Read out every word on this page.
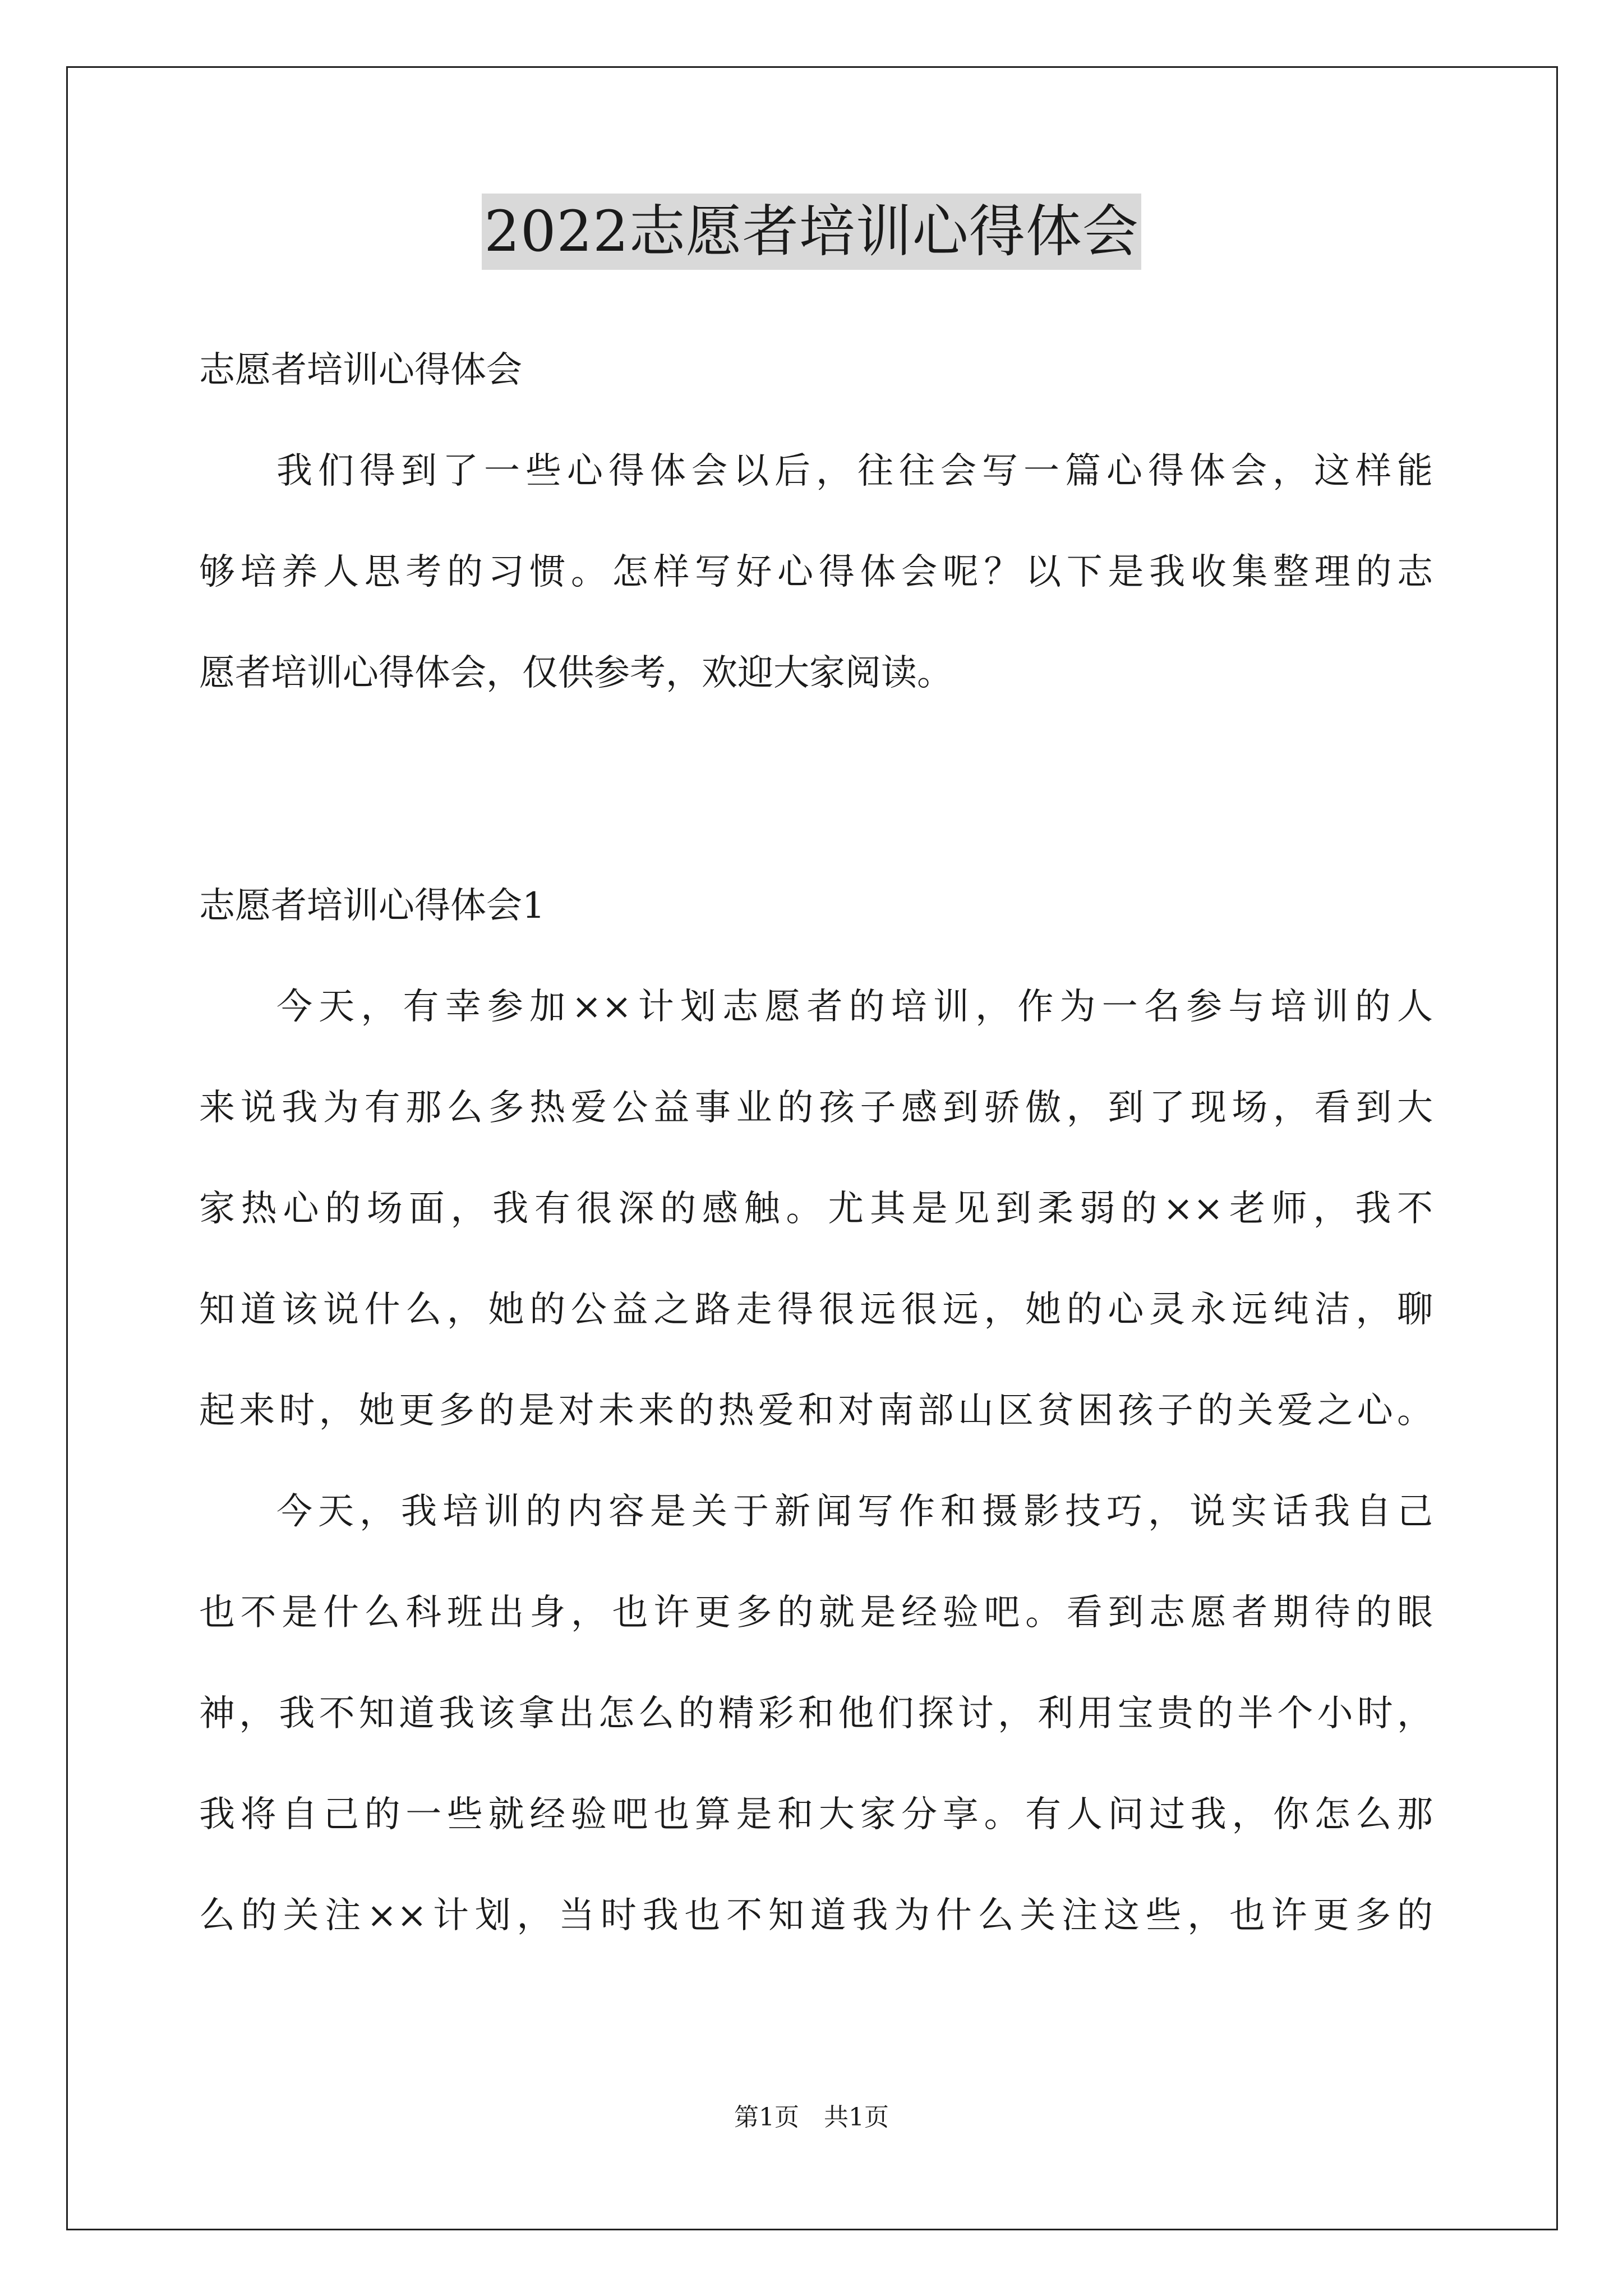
2022志愿者培训心得体会
志愿者培训心得体会
我们得到了一些心得体会以后，往往会写一篇心得体会，这样能
够培养人思考的习惯。怎样写好心得体会呢？以下是我收集整理的志
愿者培训心得体会，仅供参考，欢迎大家阅读。
志愿者培训心得体会1
今天，有幸参加××计划志愿者的培训，作为一名参与培训的人
来说我为有那么多热爱公益事业的孩子感到骄傲，到了现场，看到大
家热心的场面，我有很深的感触。尤其是见到柔弱的××老师，我不
知道该说什么，她的公益之路走得很远很远，她的心灵永远纯洁，聊
起来时，她更多的是对未来的热爱和对南部山区贫困孩子的关爱之心。
今天，我培训的内容是关于新闻写作和摄影技巧，说实话我自己
也不是什么科班出身，也许更多的就是经验吧。看到志愿者期待的眼
神，我不知道我该拿出怎么的精彩和他们探讨，利用宝贵的半个小时，
我将自己的一些就经验吧也算是和大家分享。有人问过我，你怎么那
么的关注××计划，当时我也不知道我为什么关注这些，也许更多的
第1页　共1页
